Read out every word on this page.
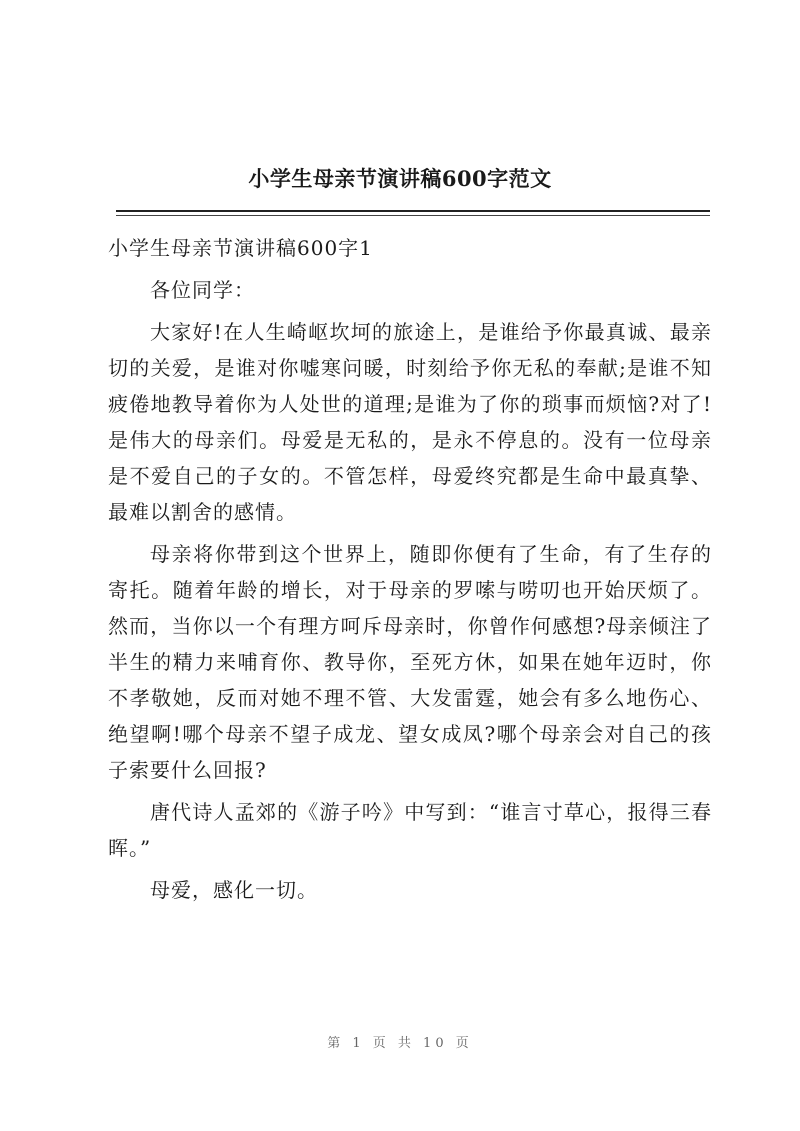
小学生母亲节演讲稿600字范文

小学生母亲节演讲稿600字1

各位同学：

大家好!在人生崎岖坎坷的旅途上，是谁给予你最真诚、最亲切的关爱，是谁对你嘘寒问暖，时刻给予你无私的奉献;是谁不知疲倦地教导着你为人处世的道理;是谁为了你的琐事而烦恼?对了!是伟大的母亲们。母爱是无私的，是永不停息的。没有一位母亲是不爱自己的子女的。不管怎样，母爱终究都是生命中最真挚、最难以割舍的感情。

母亲将你带到这个世界上，随即你便有了生命，有了生存的寄托。随着年龄的增长，对于母亲的罗嗦与唠叨也开始厌烦了。然而，当你以一个有理方呵斥母亲时，你曾作何感想?母亲倾注了半生的精力来哺育你、教导你，至死方休，如果在她年迈时，你不孝敬她，反而对她不理不管、大发雷霆，她会有多么地伤心、绝望啊!哪个母亲不望子成龙、望女成凤?哪个母亲会对自己的孩子索要什么回报?

唐代诗人孟郊的《游子吟》中写到：“谁言寸草心，报得三春晖。”

母爱，感化一切。

第 1 页 共 10 页
